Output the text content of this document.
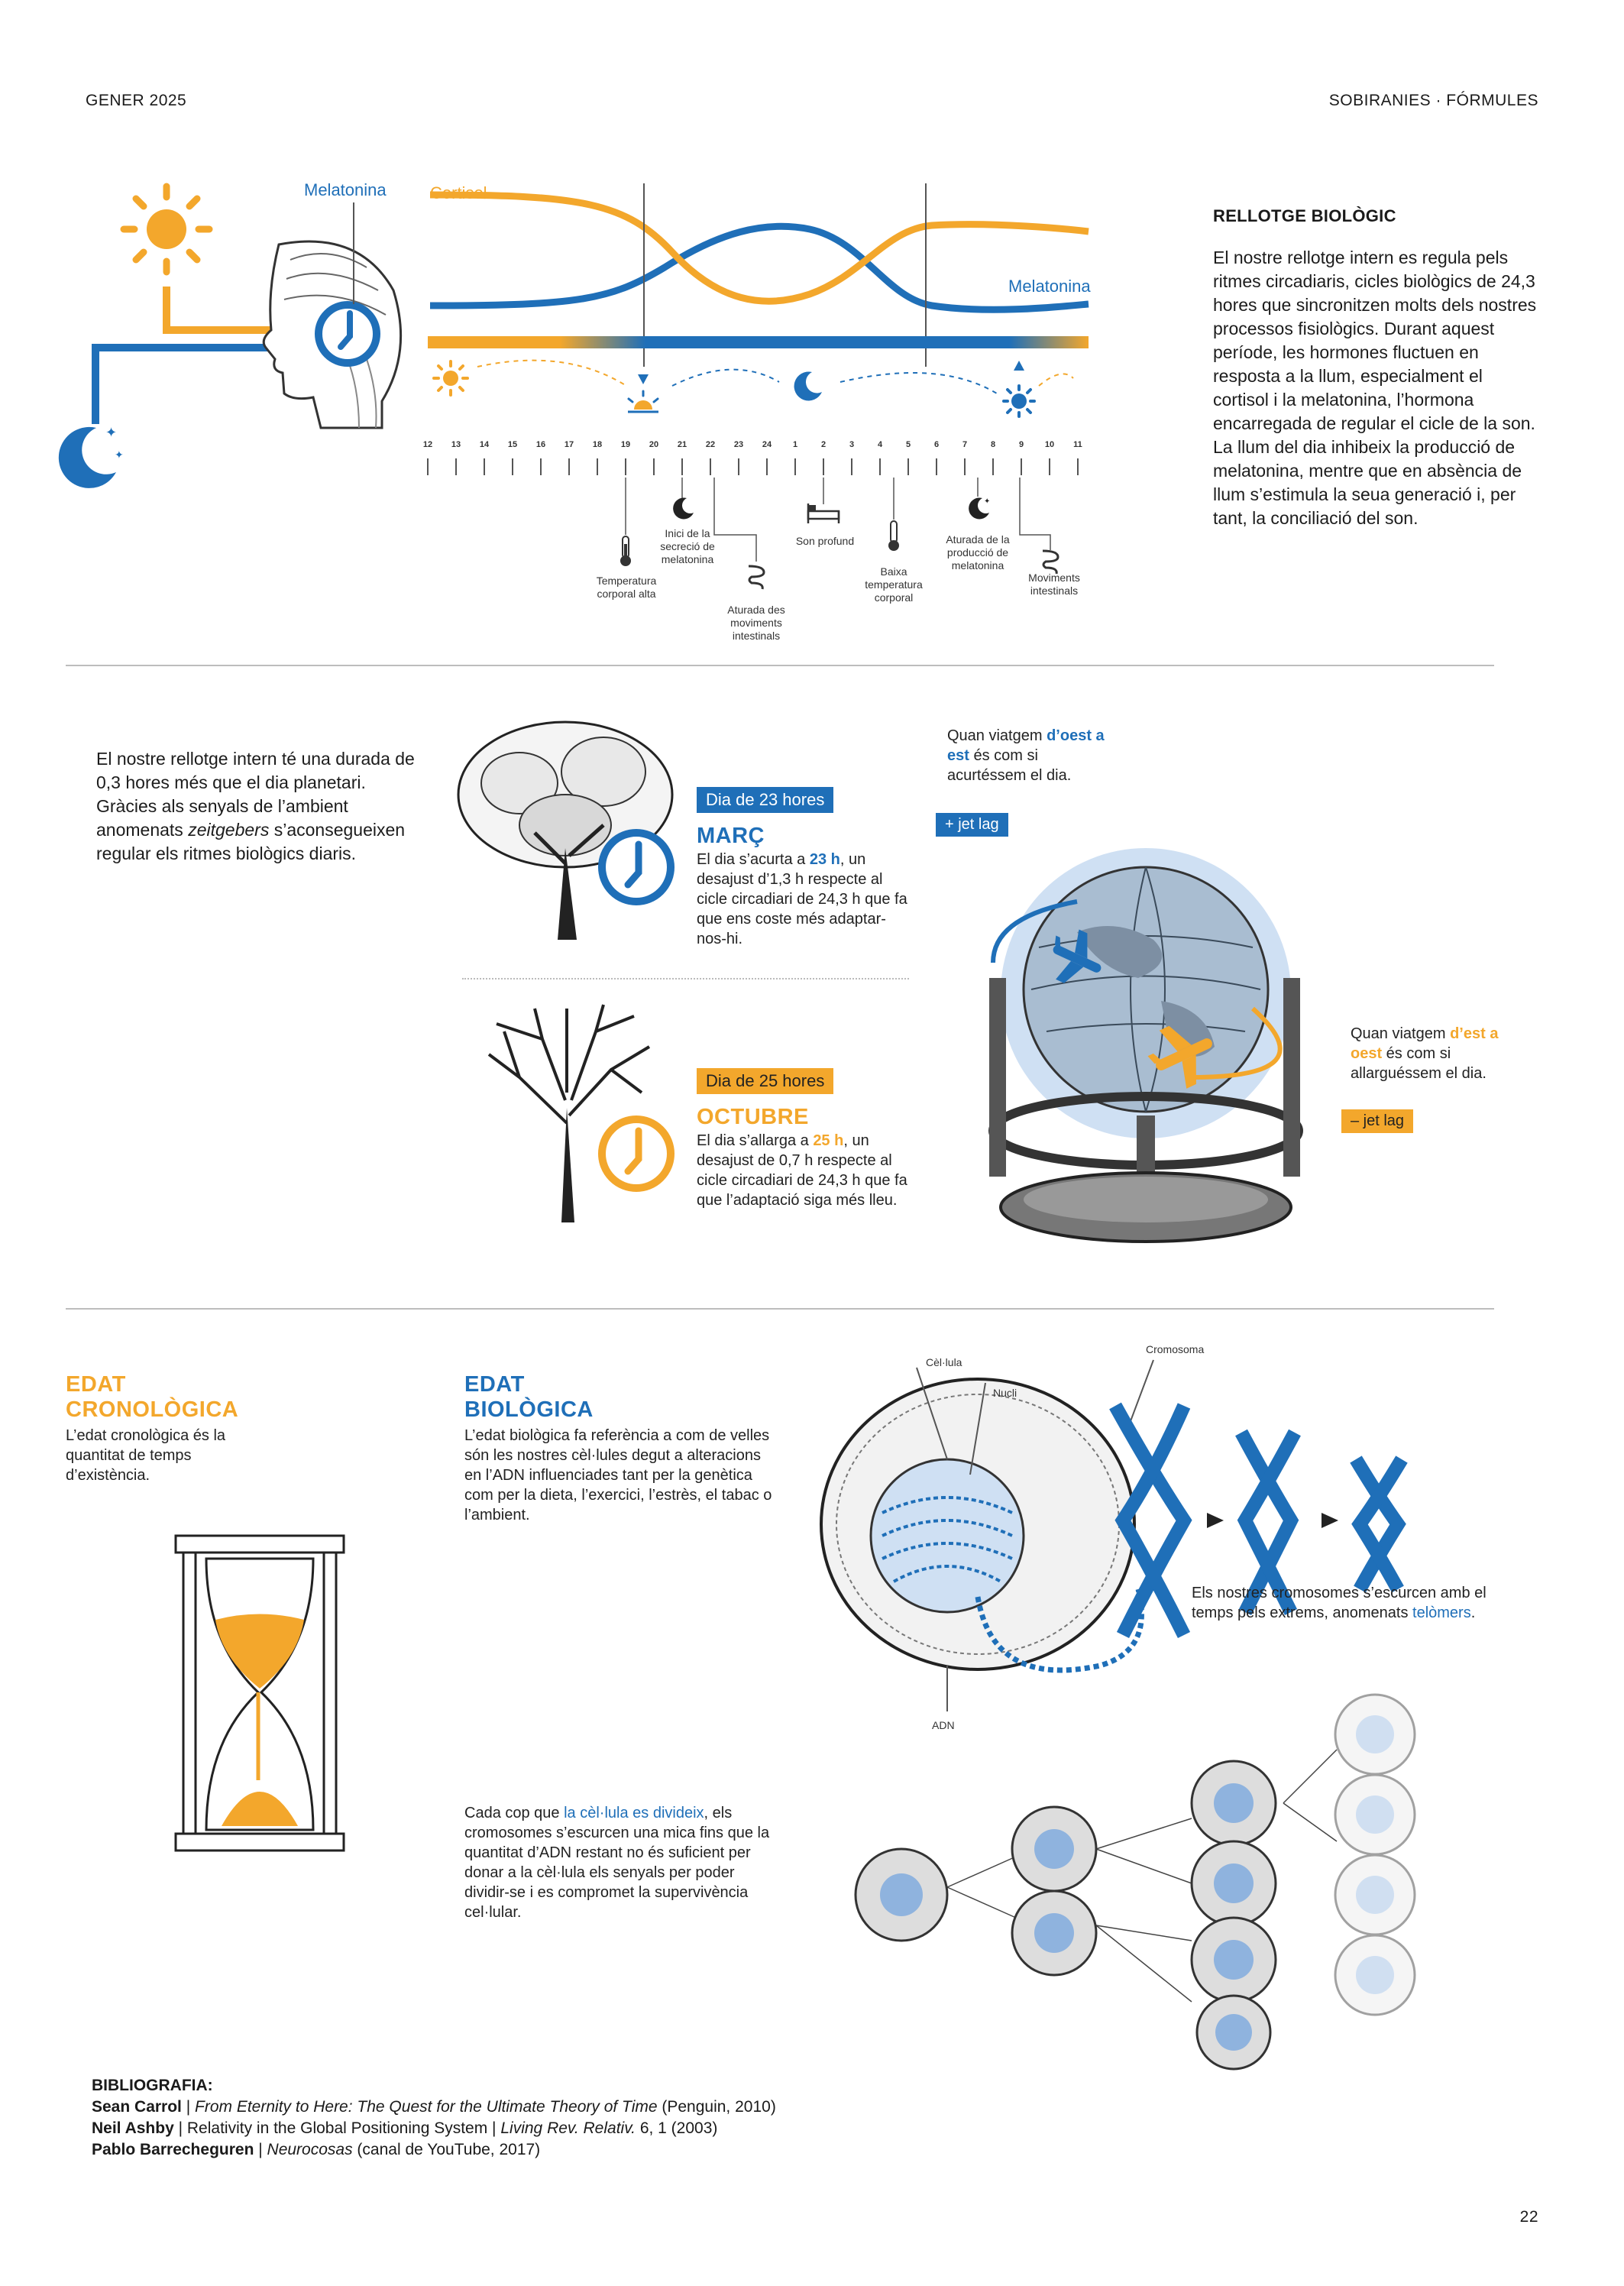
GENER 2025	SOBIRANIES · FÓRMULES
✦
✦
✦
Melatonina	Cortisol
Melatonina
12	13	14	15	16	17	18	19	20	21	22	23	24	1	2	3	4	5	6	7	8	9	10	11
Temperatura corporal alta
Inici de la secreció de melatonina
Aturada des moviments intestinals
Son profund
Baixa temperatura corporal
Aturada de la producció de melatonina
Moviments intestinals
RELLOTGE BIOLÒGIC
El nostre rellotge intern es regula pels ritmes circadiaris, cicles biològics de 24,3 hores que sincronitzen molts dels nostres processos fisiològics. Durant aquest període, les hormones fluctuen en resposta a la llum, especialment el cortisol i la melatonina, l’hormona encarregada de regular el cicle de la son. La llum del dia inhibeix la producció de melatonina, mentre que en absència de llum s’estimula la seua generació i, per tant, la conciliació del son.
El nostre rellotge intern té una durada de 0,3 hores més que el dia planetari. Gràcies als senyals de l’ambient anomenats zeitgebers s’aconsegueixen regular els ritmes biològics diaris.
Dia de 23 hores
MARÇ
El dia s’acurta a 23 h, un desajust d’1,3 h respecte al cicle circadiari de 24,3 h que fa que ens coste més adaptar-nos-hi.
Dia de 25 hores
OCTUBRE
El dia s’allarga a 25 h, un desajust de 0,7 h respecte al cicle circadiari de 24,3 h que fa que l’adaptació siga més lleu.
Quan viatgem d’oest a est és com si acurtéssem el dia.
+ jet lag
Quan viatgem d’est a oest és com si allarguéssem el dia.
– jet lag
EDAT
CRONOLÒGICA
L’edat cronològica és la quantitat de temps d’existència.
EDAT
BIOLÒGICA
L’edat biològica fa referència a com de velles són les nostres cèl·lules degut a alteracions en l’ADN influenciades tant per la genètica com per la dieta, l’exercici, l’estrès, el tabac o l’ambient.
Cèl·lula
Nucli
Cromosoma
ADN
Els nostres cromosomes s’escurcen amb el temps pels extrems, anomenats telòmers.
Cada cop que la cèl·lula es divideix, els cromosomes s’escurcen una mica fins que la quantitat d’ADN restant no és suficient per donar a la cèl·lula els senyals per poder dividir-se i es compromet la supervivència cel·lular.
BIBLIOGRAFIA:
Sean Carrol | From Eternity to Here: The Quest for the Ultimate Theory of Time (Penguin, 2010)
Neil Ashby | Relativity in the Global Positioning System | Living Rev. Relativ. 6, 1 (2003)
Pablo Barrecheguren | Neurocosas (canal de YouTube, 2017)
22
